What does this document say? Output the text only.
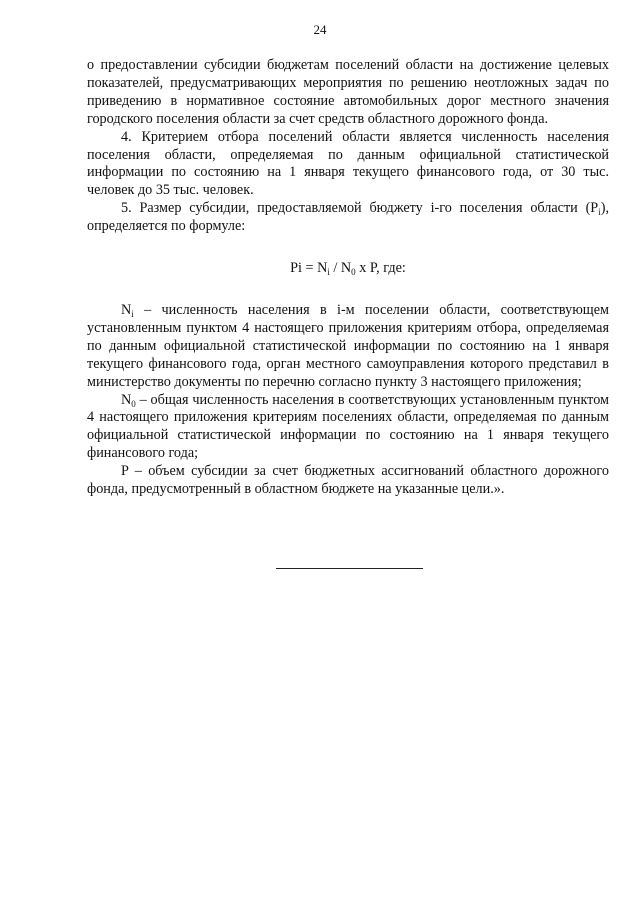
24

о предоставлении субсидии бюджетам поселений области на достижение целевых показателей, предусматривающих мероприятия по решению неотложных задач по приведению в нормативное состояние автомобильных дорог местного значения городского поселения области за счет средств областного дорожного фонда.

4. Критерием отбора поселений области является численность населения поселения области, определяемая по данным официальной статистической информации по состоянию на 1 января текущего финансового года, от 30 тыс. человек до 35 тыс. человек.

5. Размер субсидии, предоставляемой бюджету i-го поселения области $(P_i)$, определяется по формуле:

$Pi = N_i / N_0$ х P, где:

$N_i$ – численность населения в i-м поселении области, соответствующем установленным пунктом 4 настоящего приложения критериям отбора, определяемая по данным официальной статистической информации по состоянию на 1 января текущего финансового года, орган местного самоуправления которого представил в министерство документы по перечню согласно пункту 3 настоящего приложения;

$N_0$ – общая численность населения в соответствующих установленным пунктом 4 настоящего приложения критериям поселениях области, определяемая по данным официальной статистической информации по состоянию на 1 января текущего финансового года;

P – объем субсидии за счет бюджетных ассигнований областного дорожного фонда, предусмотренный в областном бюджете на указанные цели.».
